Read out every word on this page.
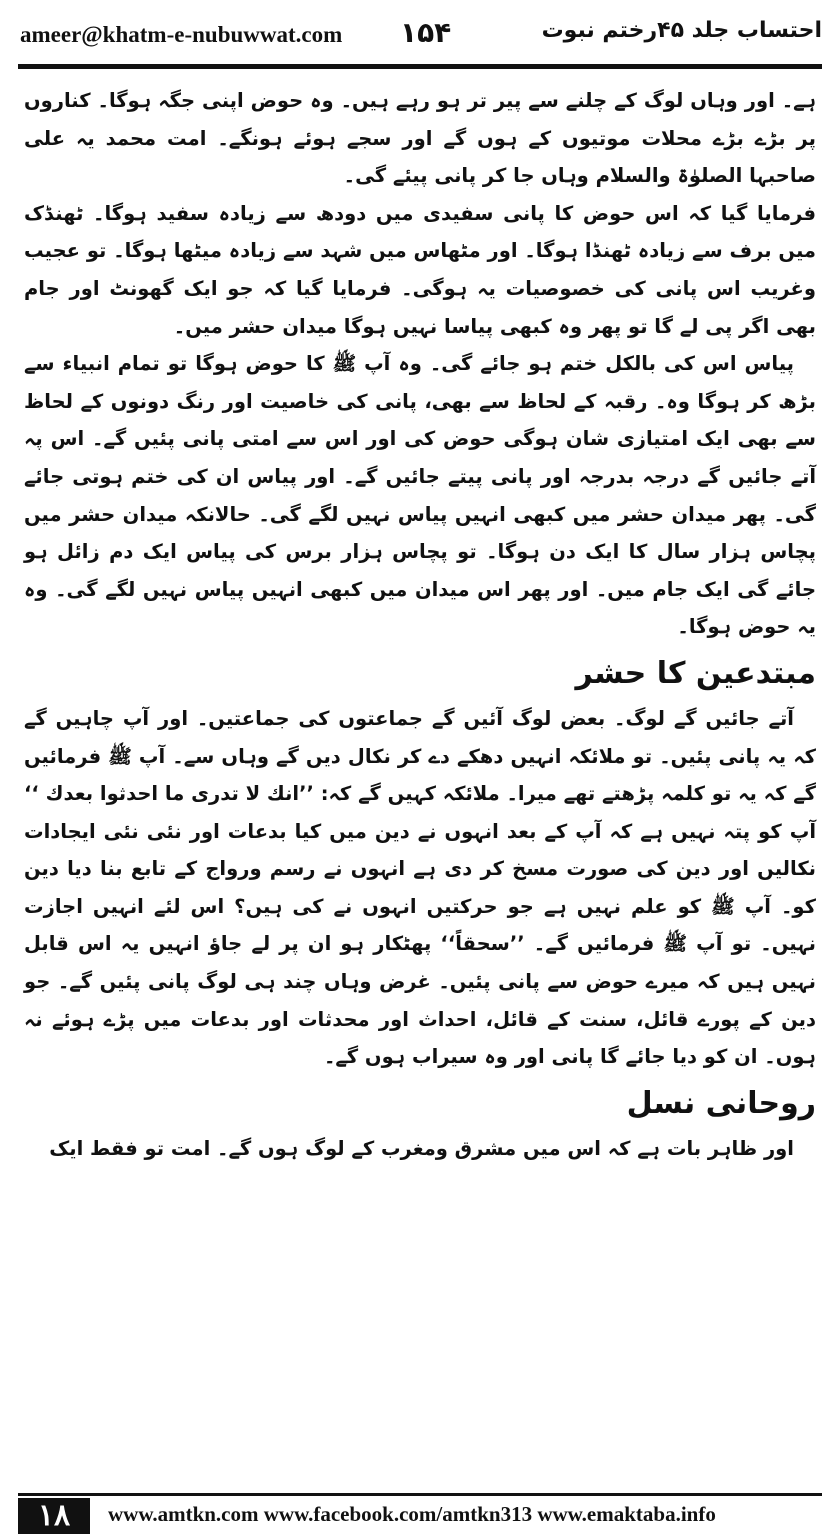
ameer@khatm-e-nubuwwat.com ۱۵۴	احتساب جلد ۴۵رختم نبوت

ہے۔ اور وہاں لوگ کے چلنے سے پیر تر ہو رہے ہیں۔ وہ حوض اپنی جگہ ہوگا۔ کناروں پر بڑے بڑے محلات موتیوں کے ہوں گے اور سجے ہوئے ہونگے۔ امت محمد یہ علی صاحبہا الصلوٰۃ والسلام وہاں جا کر پانی پیئے گی۔

فرمایا گیا کہ اس حوض کا پانی سفیدی میں دودھ سے زیادہ سفید ہوگا۔ ٹھنڈک میں برف سے زیادہ ٹھنڈا ہوگا۔ اور مٹھاس میں شہد سے زیادہ میٹھا ہوگا۔ تو عجیب وغریب اس پانی کی خصوصیات یہ ہوگی۔ فرمایا گیا کہ جو ایک گھونٹ اور جام بھی اگر پی لے گا تو پھر وہ کبھی پیاسا نہیں ہوگا میدان حشر میں۔

پیاس اس کی بالکل ختم ہو جائے گی۔ وہ آپ ﷺ کا حوض ہوگا تو تمام انبیاء سے بڑھ کر ہوگا وہ۔ رقبہ کے لحاظ سے بھی، پانی کی خاصیت اور رنگ دونوں کے لحاظ سے بھی ایک امتیازی شان ہوگی حوض کی اور اس سے امتی پانی پئیں گے۔ اس پہ آتے جائیں گے درجہ بدرجہ اور پانی پیتے جائیں گے۔ اور پیاس ان کی ختم ہوتی جائے گی۔ پھر میدان حشر میں کبھی انہیں پیاس نہیں لگے گی۔ حالانکہ میدان حشر میں پچاس ہزار سال کا ایک دن ہوگا۔ تو پچاس ہزار برس کی پیاس ایک دم زائل ہو جائے گی ایک جام میں۔ اور پھر اس میدان میں کبھی انہیں پیاس نہیں لگے گی۔ وہ یہ حوض ہوگا۔

مبتدعین کا حشر

آتے جائیں گے لوگ۔ بعض لوگ آئیں گے جماعتوں کی جماعتیں۔ اور آپ چاہیں گے کہ یہ پانی پئیں۔ تو ملائکہ انہیں دھکے دے کر نکال دیں گے وہاں سے۔ آپ ﷺ فرمائیں گے کہ یہ تو کلمہ پڑھتے تھے میرا۔ ملائکہ کہیں گے کہ: ’’انك لا تدری ما احدثوا بعدك ‘‘ آپ کو پتہ نہیں ہے کہ آپ کے بعد انہوں نے دین میں کیا بدعات اور نئی نئی ایجادات نکالیں اور دین کی صورت مسخ کر دی ہے انہوں نے رسم ورواج کے تابع بنا دیا دین کو۔ آپ ﷺ کو علم نہیں ہے جو حرکتیں انہوں نے کی ہیں؟ اس لئے انہیں اجازت نہیں۔ تو آپ ﷺ فرمائیں گے۔ ’’سحقاً‘‘ پھٹکار ہو ان پر لے جاؤ انہیں یہ اس قابل نہیں ہیں کہ میرے حوض سے پانی پئیں۔ غرض وہاں چند ہی لوگ پانی پئیں گے۔ جو دین کے پورے قائل، سنت کے قائل، احداث اور محدثات اور بدعات میں پڑے ہوئے نہ ہوں۔ ان کو دیا جائے گا پانی اور وہ سیراب ہوں گے۔

روحانی نسل

اور ظاہر بات ہے کہ اس میں مشرق ومغرب کے لوگ ہوں گے۔ امت تو فقط ایک

۱۸	www.amtkn.com www.facebook.com/amtkn313 www.emaktaba.info
